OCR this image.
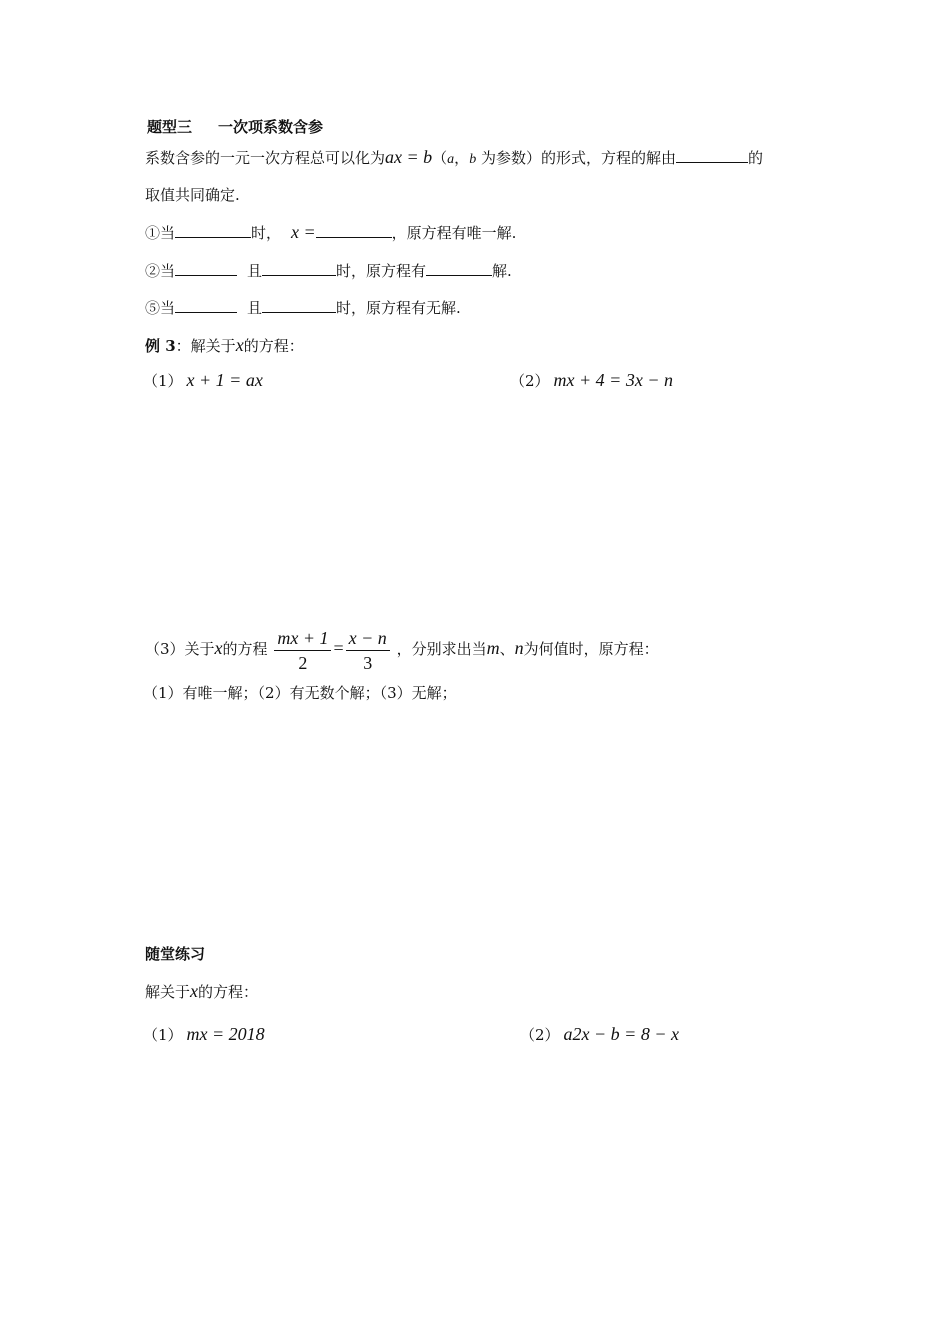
题型三 一次项系数含参
系数含参的一元一次方程总可以化为ax = b（a，b 为参数）的形式，方程的解由	的
取值共同确定.
①当	时， x =	，原方程有唯一解.
②当	且	时，原方程有	解.
⑤当	且	时，原方程有无解.
例 3：解关于x的方程：
（1） x + 1 = ax	（2） mx + 4 = 3x − n
（3）关于x的方程 $\frac{mx + 1}{2} = \frac{x - n}{3}$ ，分别求出当m、n为何值时，原方程：
（1）有唯一解；（2）有无数个解；（3）无解；
随堂练习
解关于x的方程：
（1） mx = 2018	（2） a2x − b = 8 − x
